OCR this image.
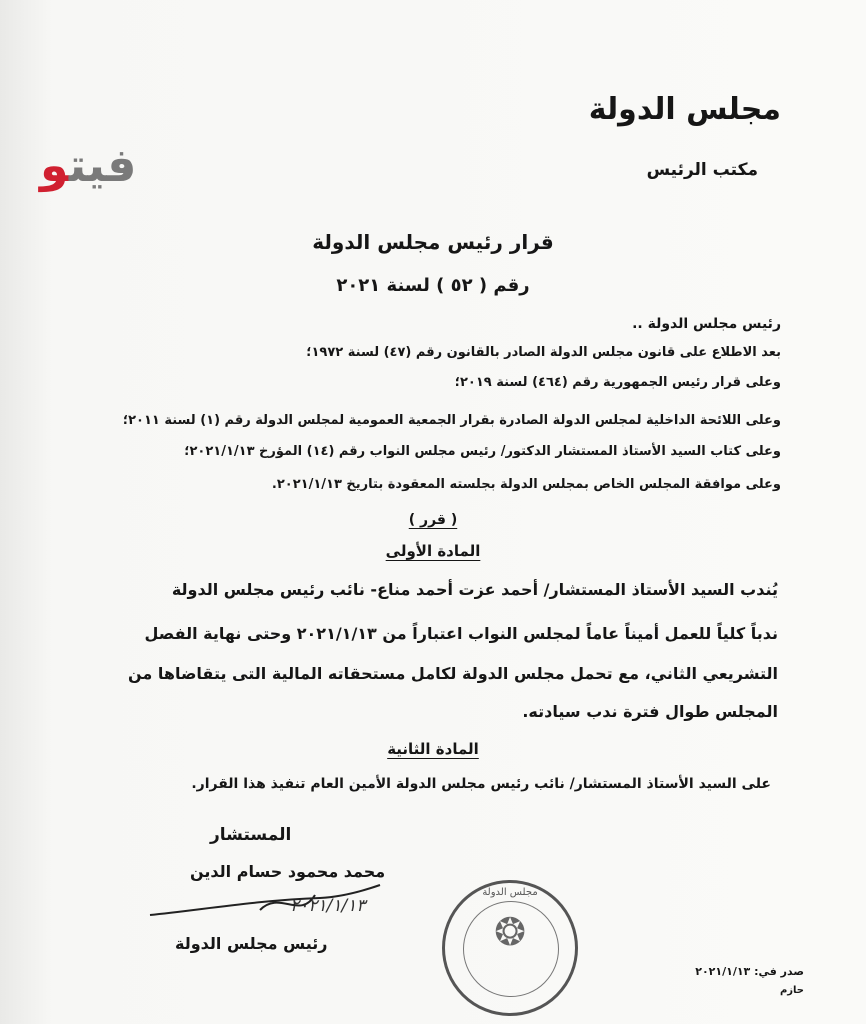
مجلس الدولة
مكتب الرئيس
قرار رئيس مجلس الدولة
رقم ( ٥٢ ) لسنة ٢٠٢١
رئيس مجلس الدولة ..
بعد الاطلاع على قانون مجلس الدولة الصادر بالقانون رقم (٤٧) لسنة ١٩٧٢؛
وعلى قرار رئيس الجمهورية رقم (٤٦٤) لسنة ٢٠١٩؛
وعلى اللائحة الداخلية لمجلس الدولة الصادرة بقرار الجمعية العمومية لمجلس الدولة رقم (١) لسنة ٢٠١١؛
وعلى كتاب السيد الأستاذ المستشار الدكتور/ رئيس مجلس النواب رقم (١٤) المؤرخ ٢٠٢١/١/١٣؛
وعلى موافقة المجلس الخاص بمجلس الدولة بجلسته المعقودة بتاريخ ٢٠٢١/١/١٣.
( قرر )
المادة الأولى
يُندب السيد الأستاذ المستشار/ أحمد عزت أحمد مناع- نائب رئيس مجلس الدولة
ندباً كلياً للعمل أميناً عاماً لمجلس النواب اعتباراً من ٢٠٢١/١/١٣ وحتى نهاية الفصل
التشريعي الثاني، مع تحمل مجلس الدولة لكامل مستحقاته المالية التى يتقاضاها من
المجلس طوال فترة ندب سيادته.
المادة الثانية
على السيد الأستاذ المستشار/ نائب رئيس مجلس الدولة الأمين العام تنفيذ هذا القرار.
المستشار
محمد محمود حسام الدين
٢٠٢١/١/١٣
رئيس مجلس الدولة
مجلس الدولة
❂
صدر في: ٢٠٢١/١/١٣
حازم
فيتو
